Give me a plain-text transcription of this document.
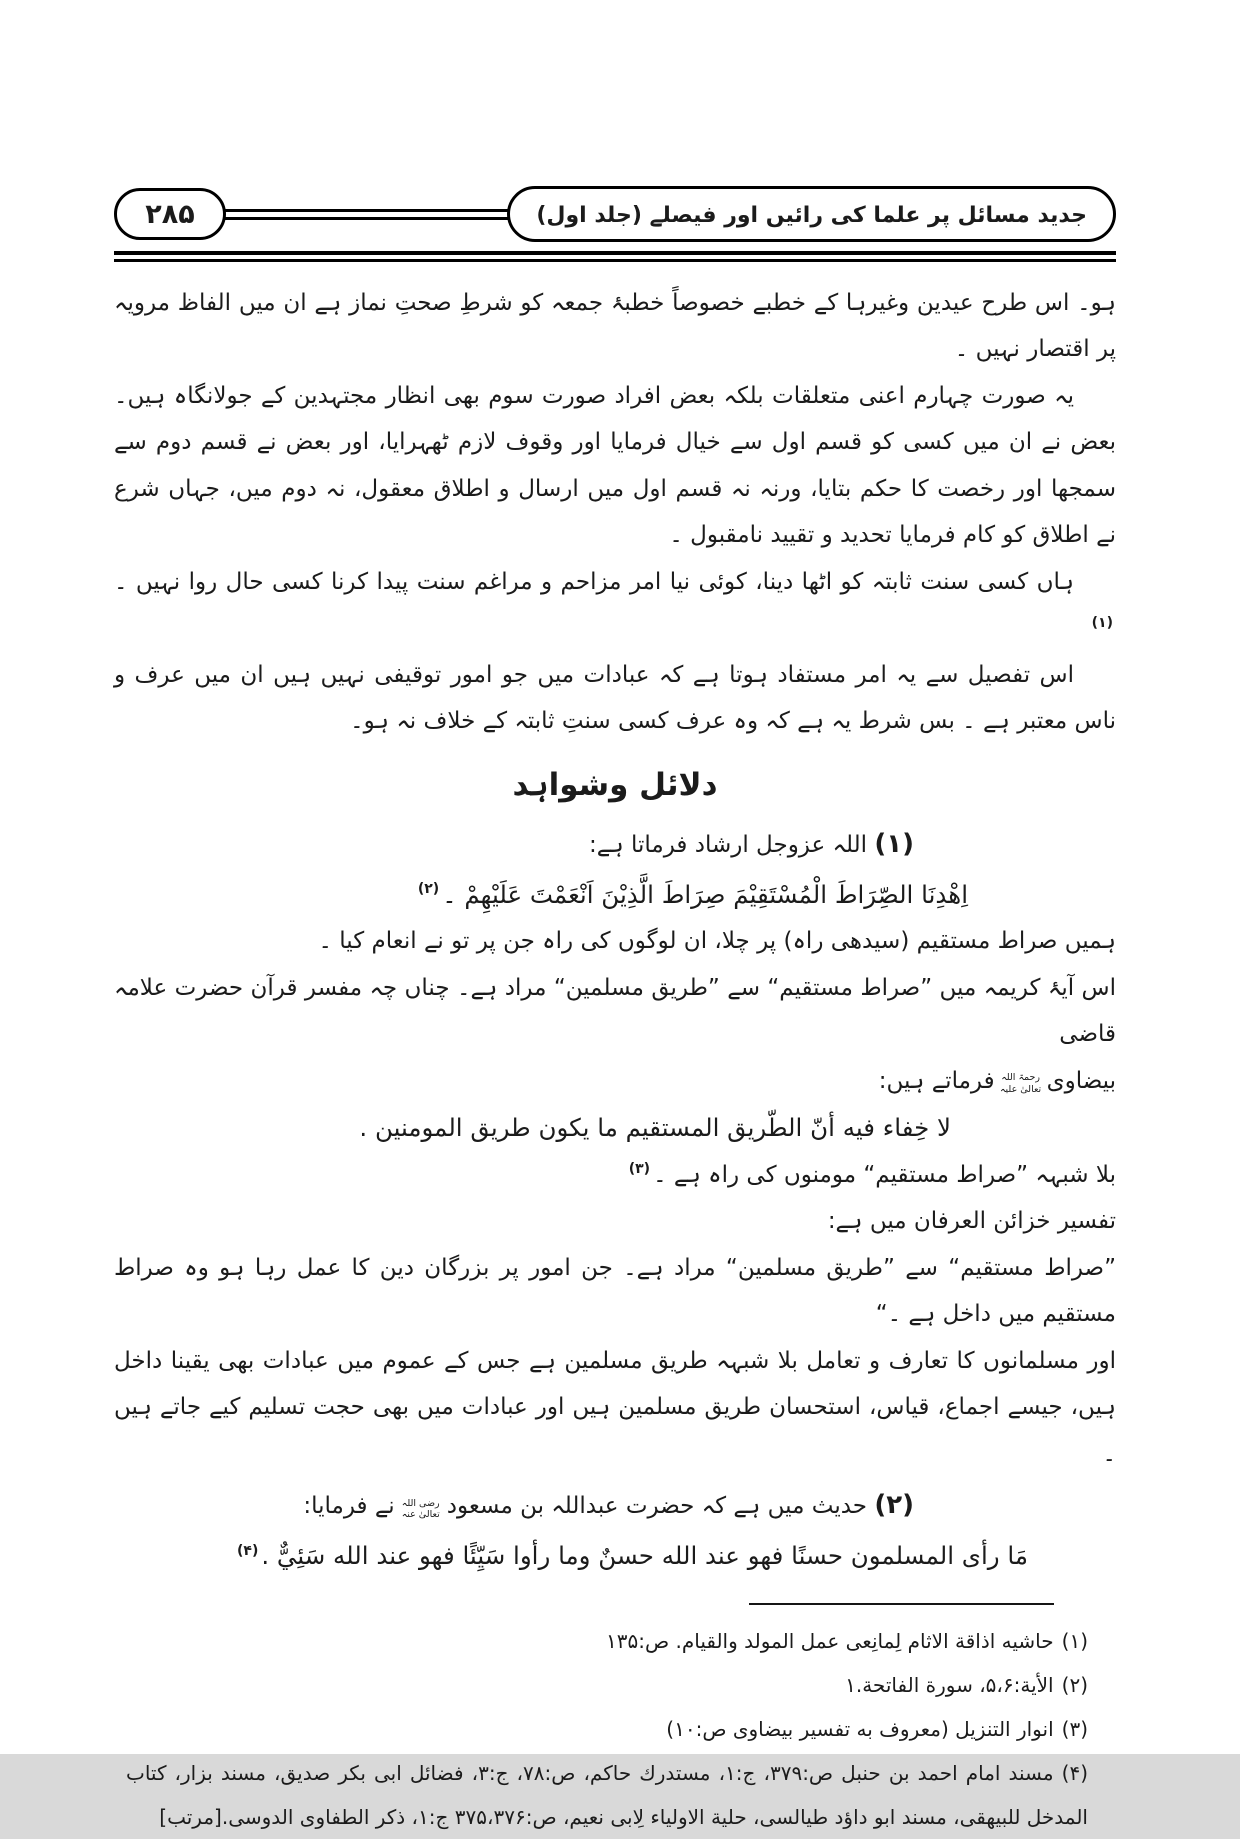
۲۸۵	جدید مسائل پر علما کی رائیں اور فیصلے (جلد اول)

ہو۔ اس طرح عیدین وغیرہا کے خطبے خصوصاً خطبۂ جمعہ کو شرطِ صحتِ نماز ہے ان میں الفاظ مرویہ پر اقتصار نہیں ۔

یہ صورت چہارم اعنی متعلقات بلکہ بعض افراد صورت سوم بھی انظار مجتہدین کے جولانگاہ ہیں۔ بعض نے ان میں کسی کو قسم اول سے خیال فرمایا اور وقوف لازم ٹھہرایا، اور بعض نے قسم دوم سے سمجھا اور رخصت کا حکم بتایا، ورنہ نہ قسم اول میں ارسال و اطلاق معقول، نہ دوم میں، جہاں شرع نے اطلاق کو کام فرمایا تحدید و تقیید نامقبول ۔

ہاں کسی سنت ثابتہ کو اٹھا دینا، کوئی نیا امر مزاحم و مراغم سنت پیدا کرنا کسی حال روا نہیں ۔$^{(۱)}$

اس تفصیل سے یہ امر مستفاد ہوتا ہے کہ عبادات میں جو امور توقیفی نہیں ہیں ان میں عرف و ناس معتبر ہے ۔ بس شرط یہ ہے کہ وہ عرف کسی سنتِ ثابتہ کے خلاف نہ ہو۔

دلائل وشواہد

(۱) اللہ عزوجل ارشاد فرماتا ہے:

اِهْدِنَا الصِّرَاطَ الْمُسْتَقِيْمَ صِرَاطَ الَّذِيْنَ اَنْعَمْتَ عَلَيْهِمْ ۔$^{(۲)}$

ہمیں صراط مستقیم (سیدھی راہ) پر چلا، ان لوگوں کی راہ جن پر تو نے انعام کیا ۔

اس آیۂ کریمہ میں ”صراط مستقیم“ سے ”طریق مسلمین“ مراد ہے۔ چناں چہ مفسر قرآن حضرت علامہ قاضی

بیضاویرحمۃ اللہ تعالیٰ علیہفرماتے ہیں:

لا خِفاء فيه أنّ الطّريق المستقيم ما يكون طريق المومنين .

بلا شبہہ ”صراط مستقیم“ مومنوں کی راہ ہے ۔$^{(۳)}$

تفسیر خزائن العرفان میں ہے:

”صراط مستقیم“ سے ”طریق مسلمین“ مراد ہے۔ جن امور پر بزرگان دین کا عمل رہا ہو وہ صراط مستقیم میں داخل ہے ۔“

اور مسلمانوں کا تعارف و تعامل بلا شبہہ طریق مسلمین ہے جس کے عموم میں عبادات بھی یقینا داخل ہیں، جیسے اجماع، قیاس، استحسان طریق مسلمین ہیں اور عبادات میں بھی حجت تسلیم کیے جاتے ہیں ۔

(۲) حدیث میں ہے کہ حضرت عبداللہ بن مسعودرضی اللہ تعالیٰ عنہنے فرمایا:

مَا رأى المسلمون حسنًا فهو عند الله حسنٌ وما رأوا سَيِّئًا فهو عند الله سَئِيٌّ .$^{(۴)}$

(۱)حاشیه اذاقة الاثام لِمانِعی عمل المولد والقیام. ص:۱۳۵

(۲)الأیة:۵،۶، سورة الفاتحة.۱

(۳)انوار التنزیل (معروف به تفسیر بیضاوی ص:۱۰)

(۴)مسند امام احمد بن حنبل ص:۳۷۹، ج:۱، مستدرك حاكم، ص:۷۸، ج:۳، فضائل ابی بکر صدیق، مسند بزار، کتاب المدخل للبیهقی، مسند ابو داؤد طیالسی، حلیة الاولیاء لِابی نعیم، ص:۳۷۵،۳۷۶ ج:۱، ذکر الطفاوی الدوسی.[مرتب]
